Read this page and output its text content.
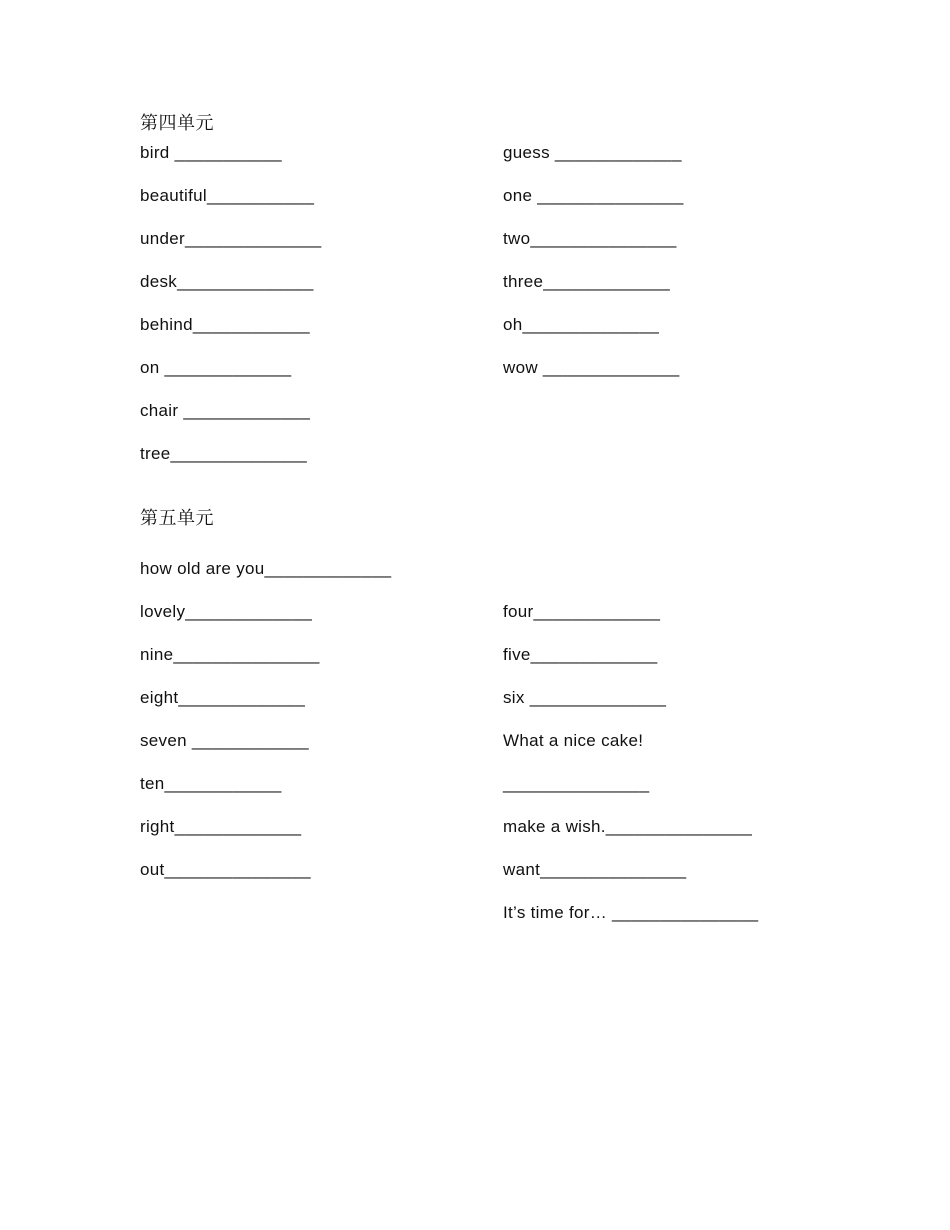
第四单元
bird ___________
beautiful___________
under______________
desk______________
behind____________
on _____________
chair _____________
tree______________
guess _____________
one _______________
two_______________
three_____________
oh______________
wow ______________
第五单元
how old are you_____________
lovely_____________
nine_______________
eight_____________
seven ____________
ten____________
right_____________
out_______________
four_____________
five_____________
six ______________
What a nice cake!
_______________
make a wish._______________
want_______________
It’s time for… _______________
